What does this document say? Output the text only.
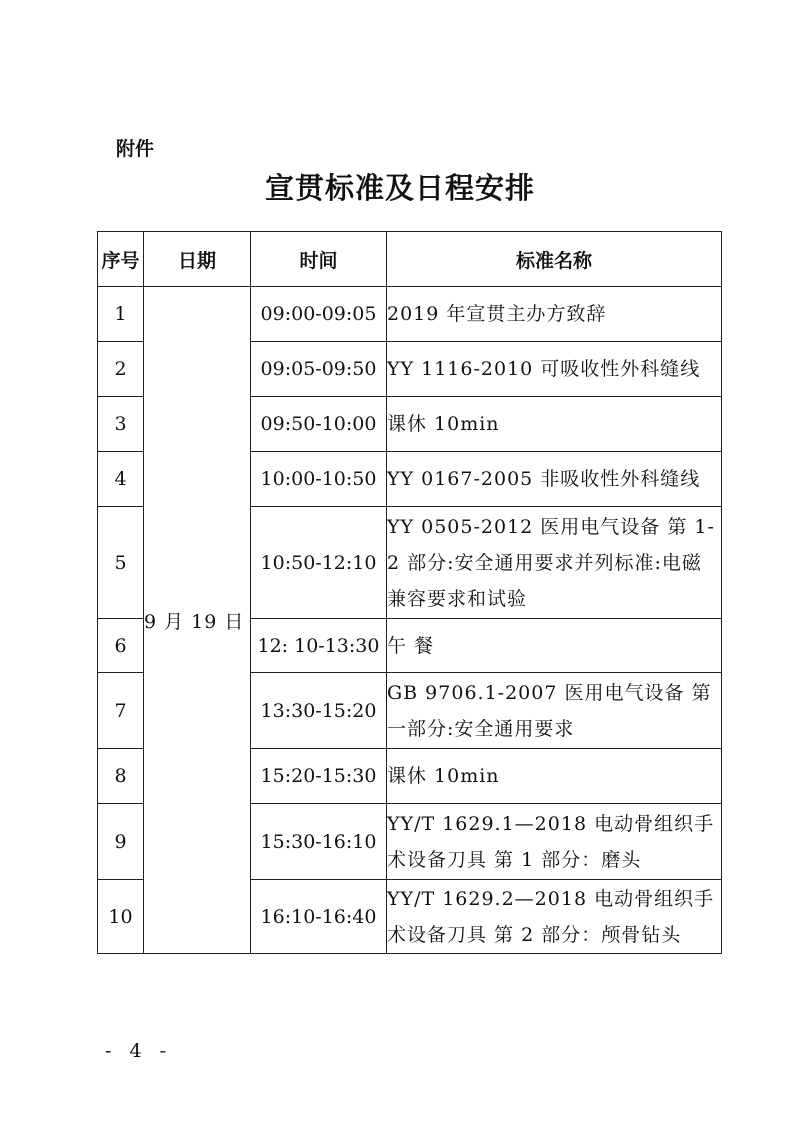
附件
宣贯标准及日程安排
序号	日期	时间	标准名称
1	9 月 19 日	09:00-09:05	2019 年宣贯主办方致辞
2		09:05-09:50	YY 1116-2010 可吸收性外科缝线
3		09:50-10:00	课休 10min
4		10:00-10:50	YY 0167-2005 非吸收性外科缝线
5		10:50-12:10	YY 0505-2012 医用电气设备 第 1-2 部分:安全通用要求并列标准:电磁兼容要求和试验
6		12: 10-13:30	午 餐
7		13:30-15:20	GB 9706.1-2007 医用电气设备 第一部分:安全通用要求
8		15:20-15:30	课休 10min
9		15:30-16:10	YY/T 1629.1—2018 电动骨组织手术设备刀具 第 1 部分：磨头
10		16:10-16:40	YY/T 1629.2—2018 电动骨组织手术设备刀具 第 2 部分：颅骨钻头
- 4 -
